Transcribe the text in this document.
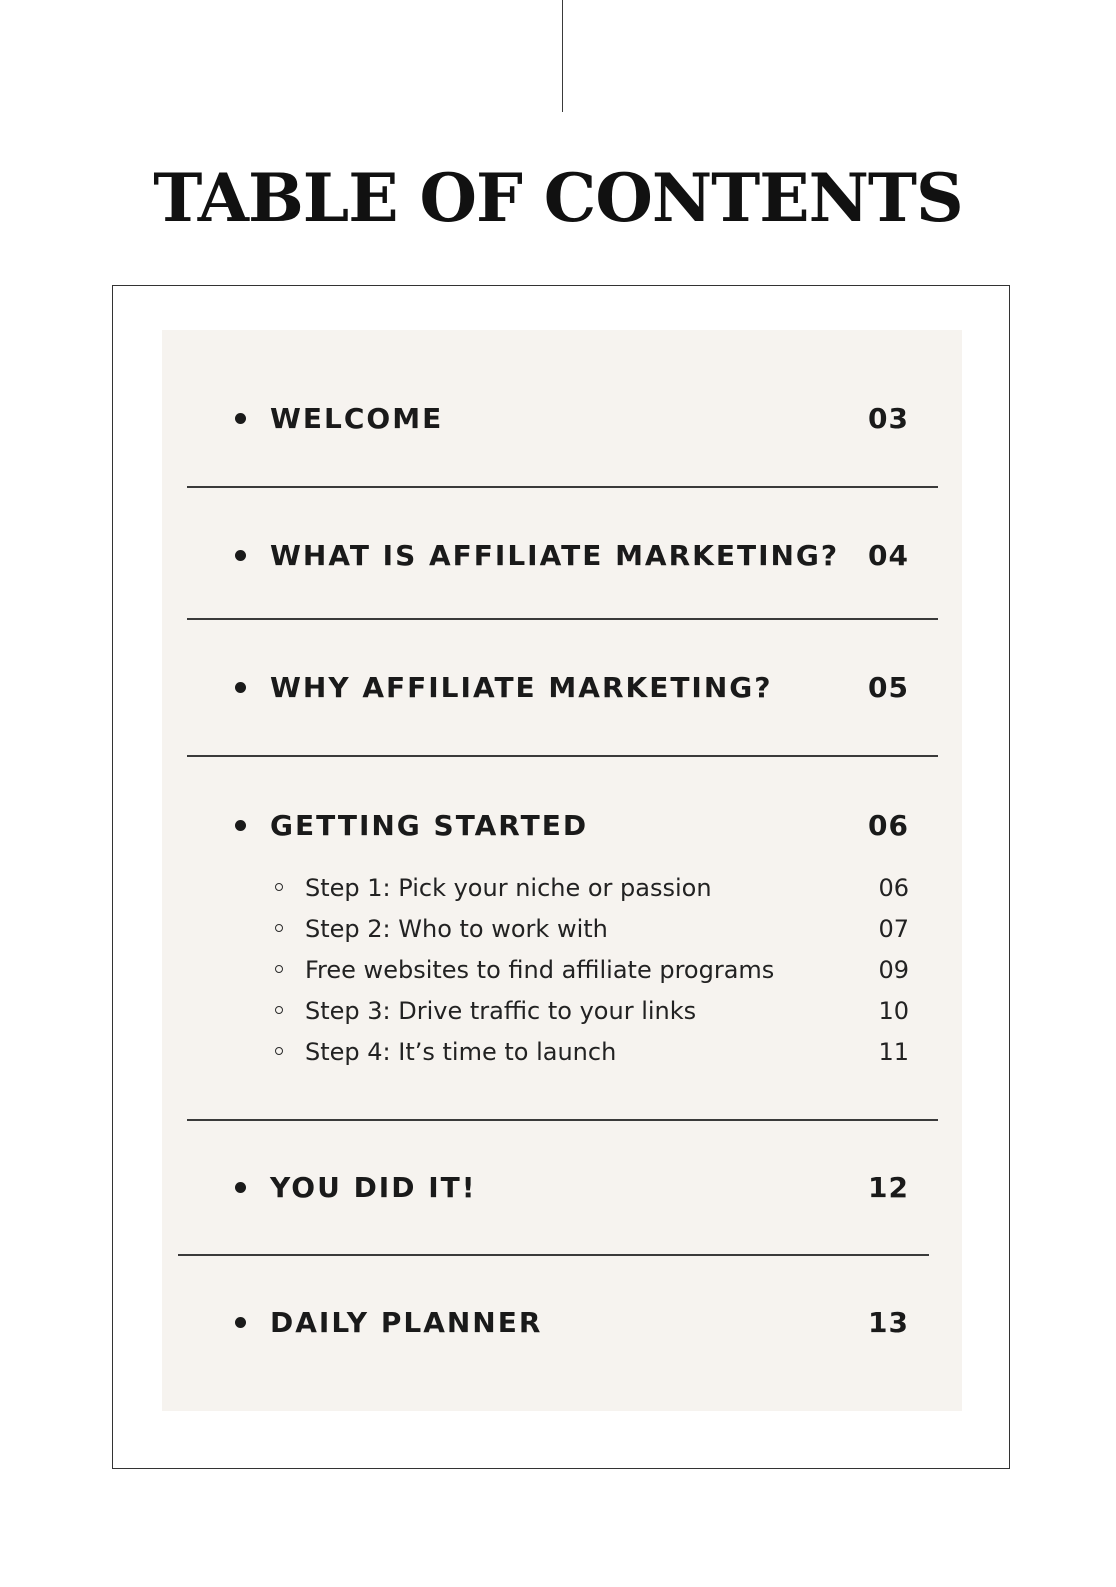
TABLE OF CONTENTS
WELCOME	03
WHAT IS AFFILIATE MARKETING? 04
WHY AFFILIATE MARKETING?	05
GETTING STARTED	06
Step 1: Pick your niche or passion	06
Step 2: Who to work with	07
Free websites to find affiliate programs	09
Step 3: Drive traffic to your links	10
Step 4: It’s time to launch	11
YOU DID IT!	12
DAILY PLANNER	13
